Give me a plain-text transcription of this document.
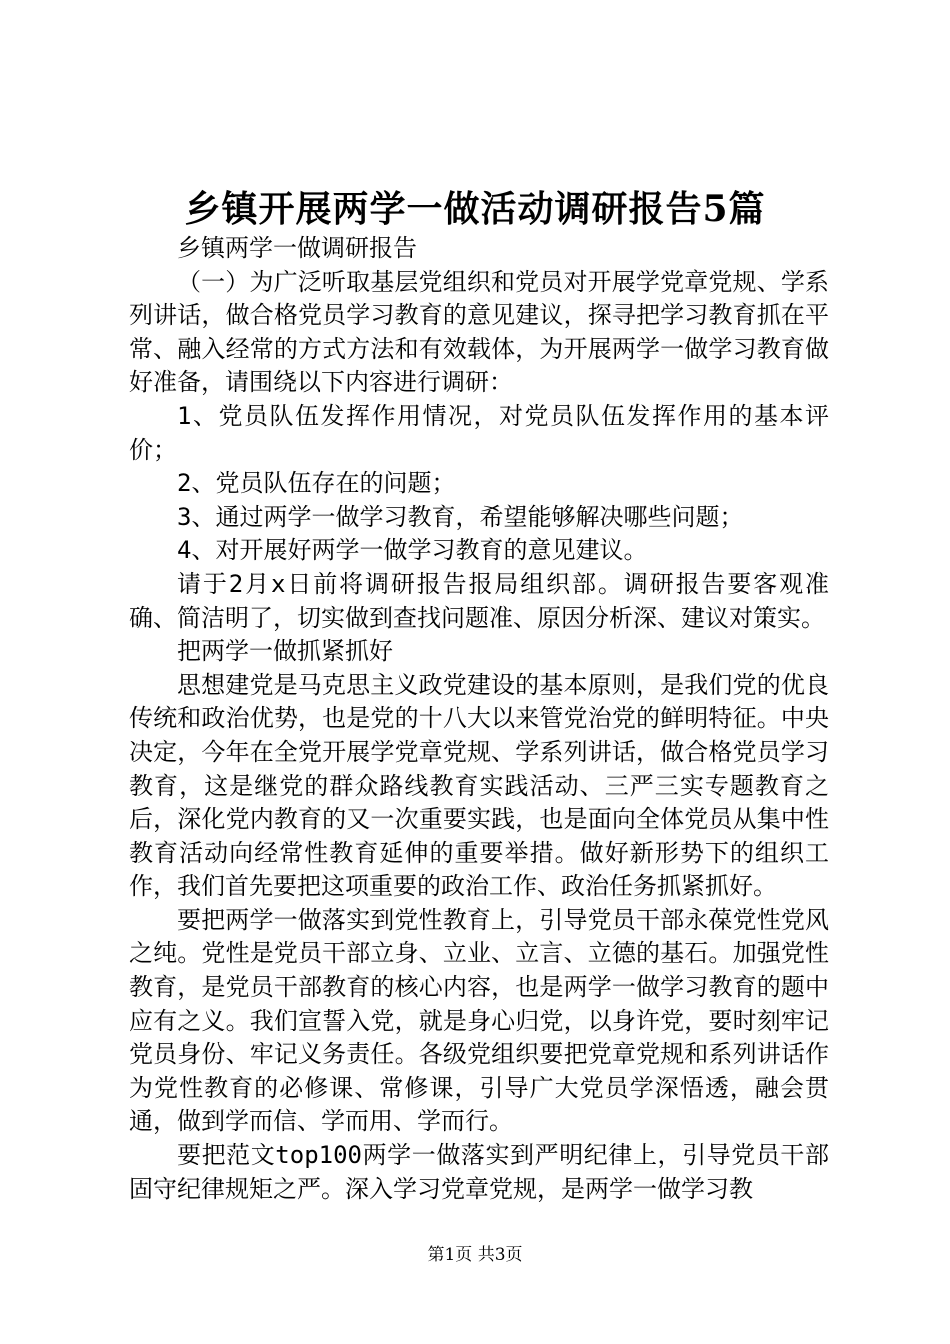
乡镇开展两学一做活动调研报告5篇

乡镇两学一做调研报告

（一）为广泛听取基层党组织和党员对开展学党章党规、学系列讲话，做合格党员学习教育的意见建议，探寻把学习教育抓在平常、融入经常的方式方法和有效载体，为开展两学一做学习教育做好准备，请围绕以下内容进行调研：

1、党员队伍发挥作用情况，对党员队伍发挥作用的基本评价；

2、党员队伍存在的问题；

3、通过两学一做学习教育，希望能够解决哪些问题；

4、对开展好两学一做学习教育的意见建议。

请于2月x日前将调研报告报局组织部。调研报告要客观准确、简洁明了，切实做到查找问题准、原因分析深、建议对策实。

把两学一做抓紧抓好

思想建党是马克思主义政党建设的基本原则，是我们党的优良传统和政治优势，也是党的十八大以来管党治党的鲜明特征。中央决定，今年在全党开展学党章党规、学系列讲话，做合格党员学习教育，这是继党的群众路线教育实践活动、三严三实专题教育之后，深化党内教育的又一次重要实践，也是面向全体党员从集中性教育活动向经常性教育延伸的重要举措。做好新形势下的组织工作，我们首先要把这项重要的政治工作、政治任务抓紧抓好。

要把两学一做落实到党性教育上，引导党员干部永葆党性党风之纯。党性是党员干部立身、立业、立言、立德的基石。加强党性教育，是党员干部教育的核心内容，也是两学一做学习教育的题中应有之义。我们宣誓入党，就是身心归党，以身许党，要时刻牢记党员身份、牢记义务责任。各级党组织要把党章党规和系列讲话作为党性教育的必修课、常修课，引导广大党员学深悟透，融会贯通，做到学而信、学而用、学而行。

要把范文top100两学一做落实到严明纪律上，引导党员干部固守纪律规矩之严。深入学习党章党规，是两学一做学习教

第1页 共3页
